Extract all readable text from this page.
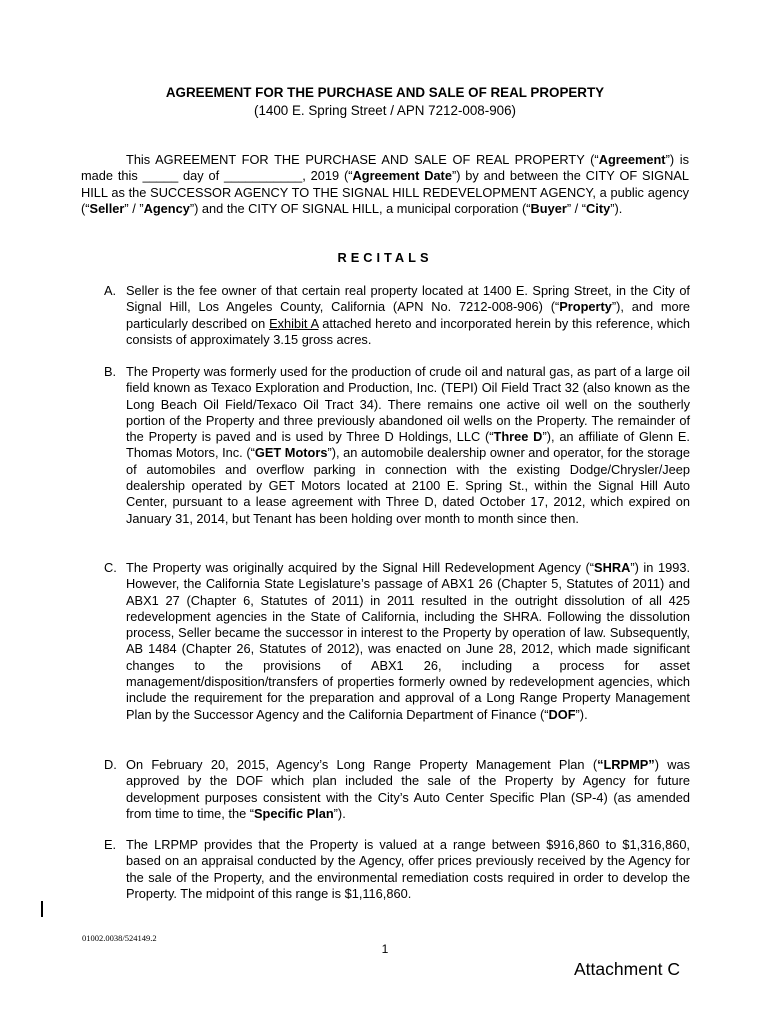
AGREEMENT FOR THE PURCHASE AND SALE OF REAL PROPERTY
(1400 E. Spring Street / APN 7212-008-906)

This AGREEMENT FOR THE PURCHASE AND SALE OF REAL PROPERTY (“Agreement”) is made this _____ day of ___________, 2019 (“Agreement Date”) by and between the CITY OF SIGNAL HILL as the SUCCESSOR AGENCY TO THE SIGNAL HILL REDEVELOPMENT AGENCY, a public agency (“Seller” / ”Agency”) and the CITY OF SIGNAL HILL, a municipal corporation (“Buyer” / “City”).

RECITALS
A. Seller is the fee owner of that certain real property located at 1400 E. Spring Street, in the City of Signal Hill, Los Angeles County, California (APN No. 7212-008-906) (“Property”), and more particularly described on Exhibit A attached hereto and incorporated herein by this reference, which consists of approximately 3.15 gross acres.
B. The Property was formerly used for the production of crude oil and natural gas, as part of a large oil field known as Texaco Exploration and Production, Inc. (TEPI) Oil Field Tract 32 (also known as the Long Beach Oil Field/Texaco Oil Tract 34). There remains one active oil well on the southerly portion of the Property and three previously abandoned oil wells on the Property. The remainder of the Property is paved and is used by Three D Holdings, LLC (“Three D”), an affiliate of Glenn E. Thomas Motors, Inc. (“GET Motors”), an automobile dealership owner and operator, for the storage of automobiles and overflow parking in connection with the existing Dodge/Chrysler/Jeep dealership operated by GET Motors located at 2100 E. Spring St., within the Signal Hill Auto Center, pursuant to a lease agreement with Three D, dated October 17, 2012, which expired on January 31, 2014, but Tenant has been holding over month to month since then.
C. The Property was originally acquired by the Signal Hill Redevelopment Agency (“SHRA”) in 1993. However, the California State Legislature’s passage of ABX1 26 (Chapter 5, Statutes of 2011) and ABX1 27 (Chapter 6, Statutes of 2011) in 2011 resulted in the outright dissolution of all 425 redevelopment agencies in the State of California, including the SHRA. Following the dissolution process, Seller became the successor in interest to the Property by operation of law. Subsequently, AB 1484 (Chapter 26, Statutes of 2012), was enacted on June 28, 2012, which made significant changes to the provisions of ABX1 26, including a process for asset management/disposition/transfers of properties formerly owned by redevelopment agencies, which include the requirement for the preparation and approval of a Long Range Property Management Plan by the Successor Agency and the California Department of Finance (“DOF”).
D. On February 20, 2015, Agency’s Long Range Property Management Plan (“LRPMP”) was approved by the DOF which plan included the sale of the Property by Agency for future development purposes consistent with the City’s Auto Center Specific Plan (SP-4) (as amended from time to time, the “Specific Plan”).
E. The LRPMP provides that the Property is valued at a range between $916,860 to $1,316,860, based on an appraisal conducted by the Agency, offer prices previously received by the Agency for the sale of the Property, and the environmental remediation costs required in order to develop the Property. The midpoint of this range is $1,116,860.
01002.0038/524149.2
1
Attachment C
